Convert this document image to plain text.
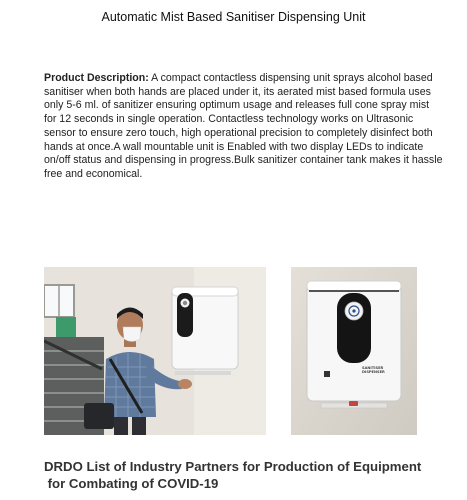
Automatic Mist Based Sanitiser Dispensing Unit
Product Description: A compact contactless dispensing unit sprays alcohol based sanitiser when both hands are placed under it, its aerated mist based formula uses only 5-6 ml. of sanitizer ensuring optimum usage and releases full cone spray mist for 12 seconds in single operation. Contactless technology works on Ultrasonic sensor to ensure zero touch, high operational precision to completely disinfect both hands at once.A wall mountable unit is Enabled with two display LEDs to indicate on/off status and dispensing in progress.Bulk sanitizer container tank makes it hassle free and economical.
SANITISER
DISPENSER
DRDO List of Industry Partners for Production of Equipment
for Combating of COVID-19
